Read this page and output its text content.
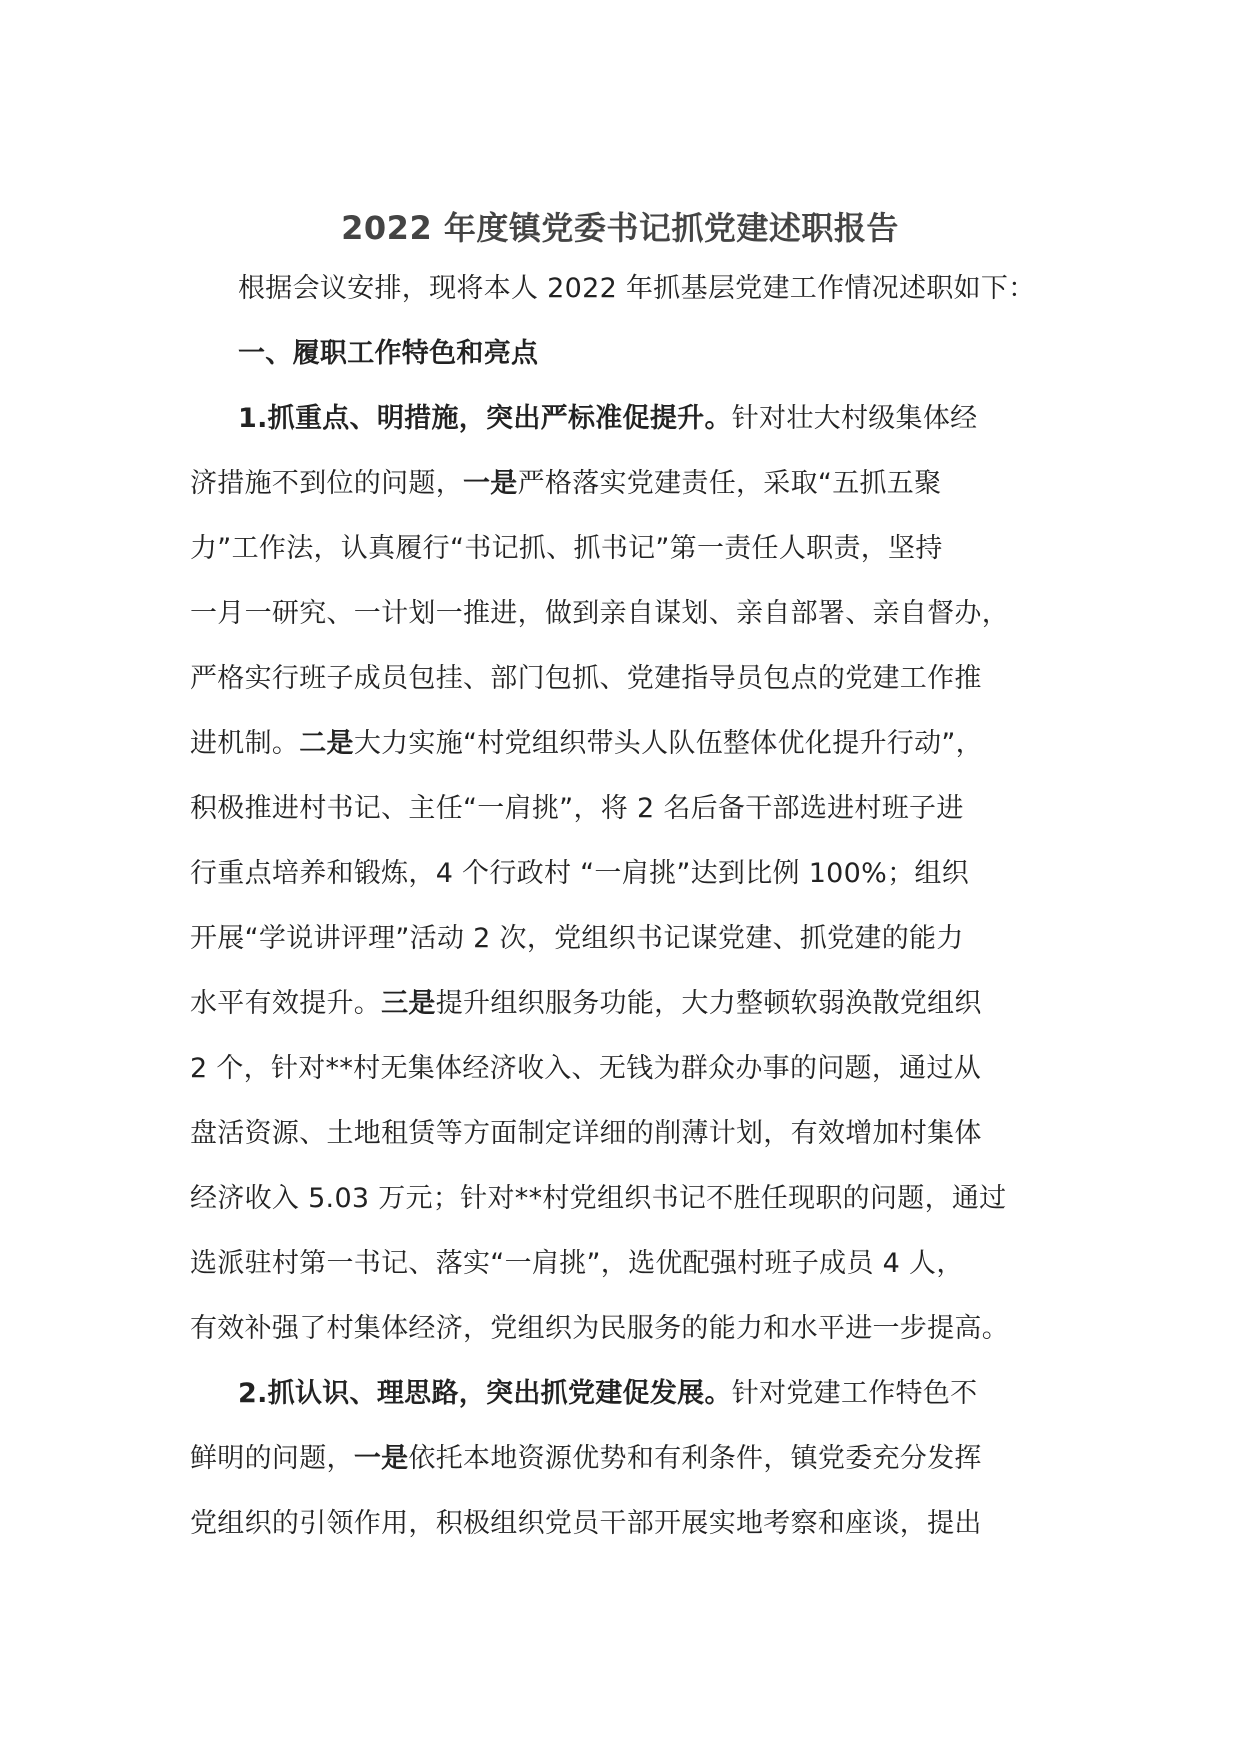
2022 年度镇党委书记抓党建述职报告
根据会议安排，现将本人 2022 年抓基层党建工作情况述职如下：
一、履职工作特色和亮点
1.抓重点、明措施，突出严标准促提升。针对壮大村级集体经
济措施不到位的问题，一是严格落实党建责任，采取“五抓五聚
力”工作法，认真履行“书记抓、抓书记”第一责任人职责，坚持
一月一研究、一计划一推进，做到亲自谋划、亲自部署、亲自督办，
严格实行班子成员包挂、部门包抓、党建指导员包点的党建工作推
进机制。二是大力实施“村党组织带头人队伍整体优化提升行动”，
积极推进村书记、主任“一肩挑”，将 2 名后备干部选进村班子进
行重点培养和锻炼，4 个行政村 “一肩挑”达到比例 100%；组织
开展“学说讲评理”活动 2 次，党组织书记谋党建、抓党建的能力
水平有效提升。三是提升组织服务功能，大力整顿软弱涣散党组织
2 个，针对**村无集体经济收入、无钱为群众办事的问题，通过从
盘活资源、土地租赁等方面制定详细的削薄计划，有效增加村集体
经济收入 5.03 万元；针对**村党组织书记不胜任现职的问题，通过
选派驻村第一书记、落实“一肩挑”，选优配强村班子成员 4 人，
有效补强了村集体经济，党组织为民服务的能力和水平进一步提高。
2.抓认识、理思路，突出抓党建促发展。针对党建工作特色不
鲜明的问题，一是依托本地资源优势和有利条件，镇党委充分发挥
党组织的引领作用，积极组织党员干部开展实地考察和座谈，提出
